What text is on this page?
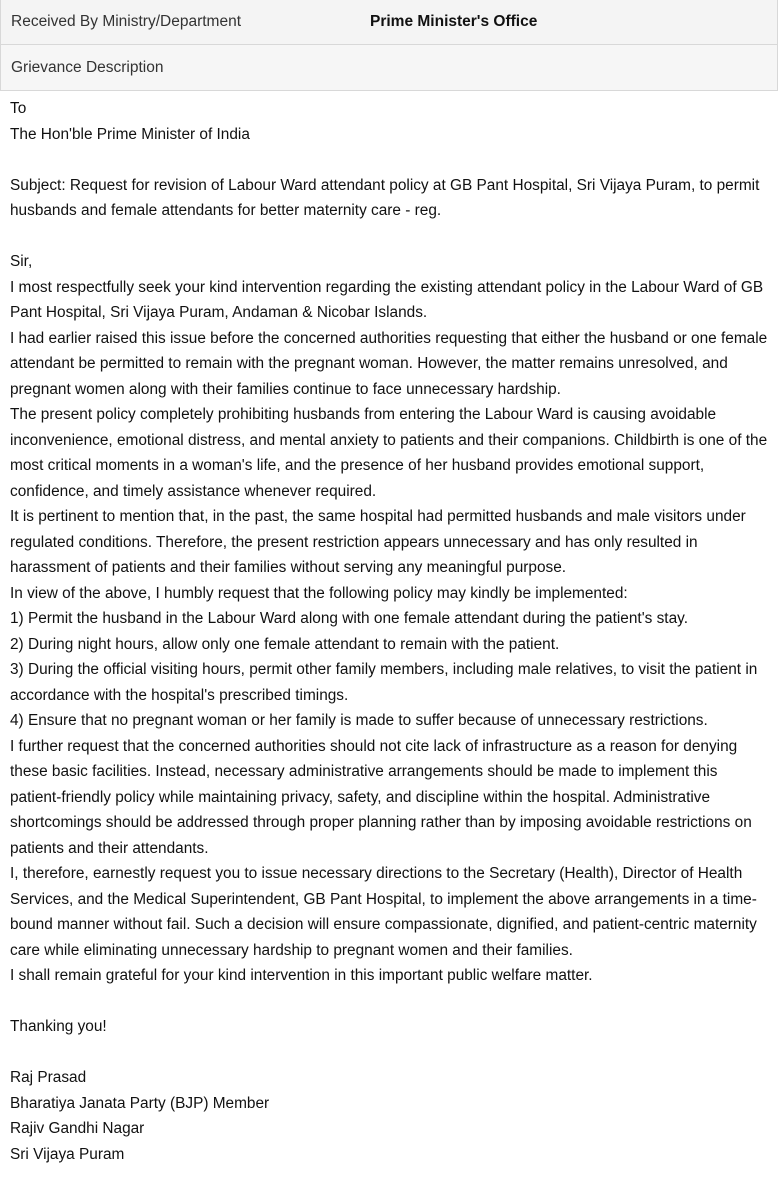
Received By Ministry/Department	Prime Minister's Office
Grievance Description

To

The Hon'ble Prime Minister of India

Subject: Request for revision of Labour Ward attendant policy at GB Pant Hospital, Sri Vijaya Puram, to permit husbands and female attendants for better maternity care - reg.

Sir,

I most respectfully seek your kind intervention regarding the existing attendant policy in the Labour Ward of GB Pant Hospital, Sri Vijaya Puram, Andaman & Nicobar Islands.

I had earlier raised this issue before the concerned authorities requesting that either the husband or one female attendant be permitted to remain with the pregnant woman. However, the matter remains unresolved, and pregnant women along with their families continue to face unnecessary hardship.

The present policy completely prohibiting husbands from entering the Labour Ward is causing avoidable inconvenience, emotional distress, and mental anxiety to patients and their companions. Childbirth is one of the most critical moments in a woman's life, and the presence of her husband provides emotional support, confidence, and timely assistance whenever required.

It is pertinent to mention that, in the past, the same hospital had permitted husbands and male visitors under regulated conditions. Therefore, the present restriction appears unnecessary and has only resulted in harassment of patients and their families without serving any meaningful purpose.

In view of the above, I humbly request that the following policy may kindly be implemented:

1) Permit the husband in the Labour Ward along with one female attendant during the patient's stay.

2) During night hours, allow only one female attendant to remain with the patient.

3) During the official visiting hours, permit other family members, including male relatives, to visit the patient in accordance with the hospital's prescribed timings.

4) Ensure that no pregnant woman or her family is made to suffer because of unnecessary restrictions.

I further request that the concerned authorities should not cite lack of infrastructure as a reason for denying these basic facilities. Instead, necessary administrative arrangements should be made to implement this patient-friendly policy while maintaining privacy, safety, and discipline within the hospital. Administrative shortcomings should be addressed through proper planning rather than by imposing avoidable restrictions on patients and their attendants.

I, therefore, earnestly request you to issue necessary directions to the Secretary (Health), Director of Health Services, and the Medical Superintendent, GB Pant Hospital, to implement the above arrangements in a time-bound manner without fail. Such a decision will ensure compassionate, dignified, and patient-centric maternity care while eliminating unnecessary hardship to pregnant women and their families.

I shall remain grateful for your kind intervention in this important public welfare matter.

Thanking you!

Raj Prasad

Bharatiya Janata Party (BJP) Member

Rajiv Gandhi Nagar

Sri Vijaya Puram
